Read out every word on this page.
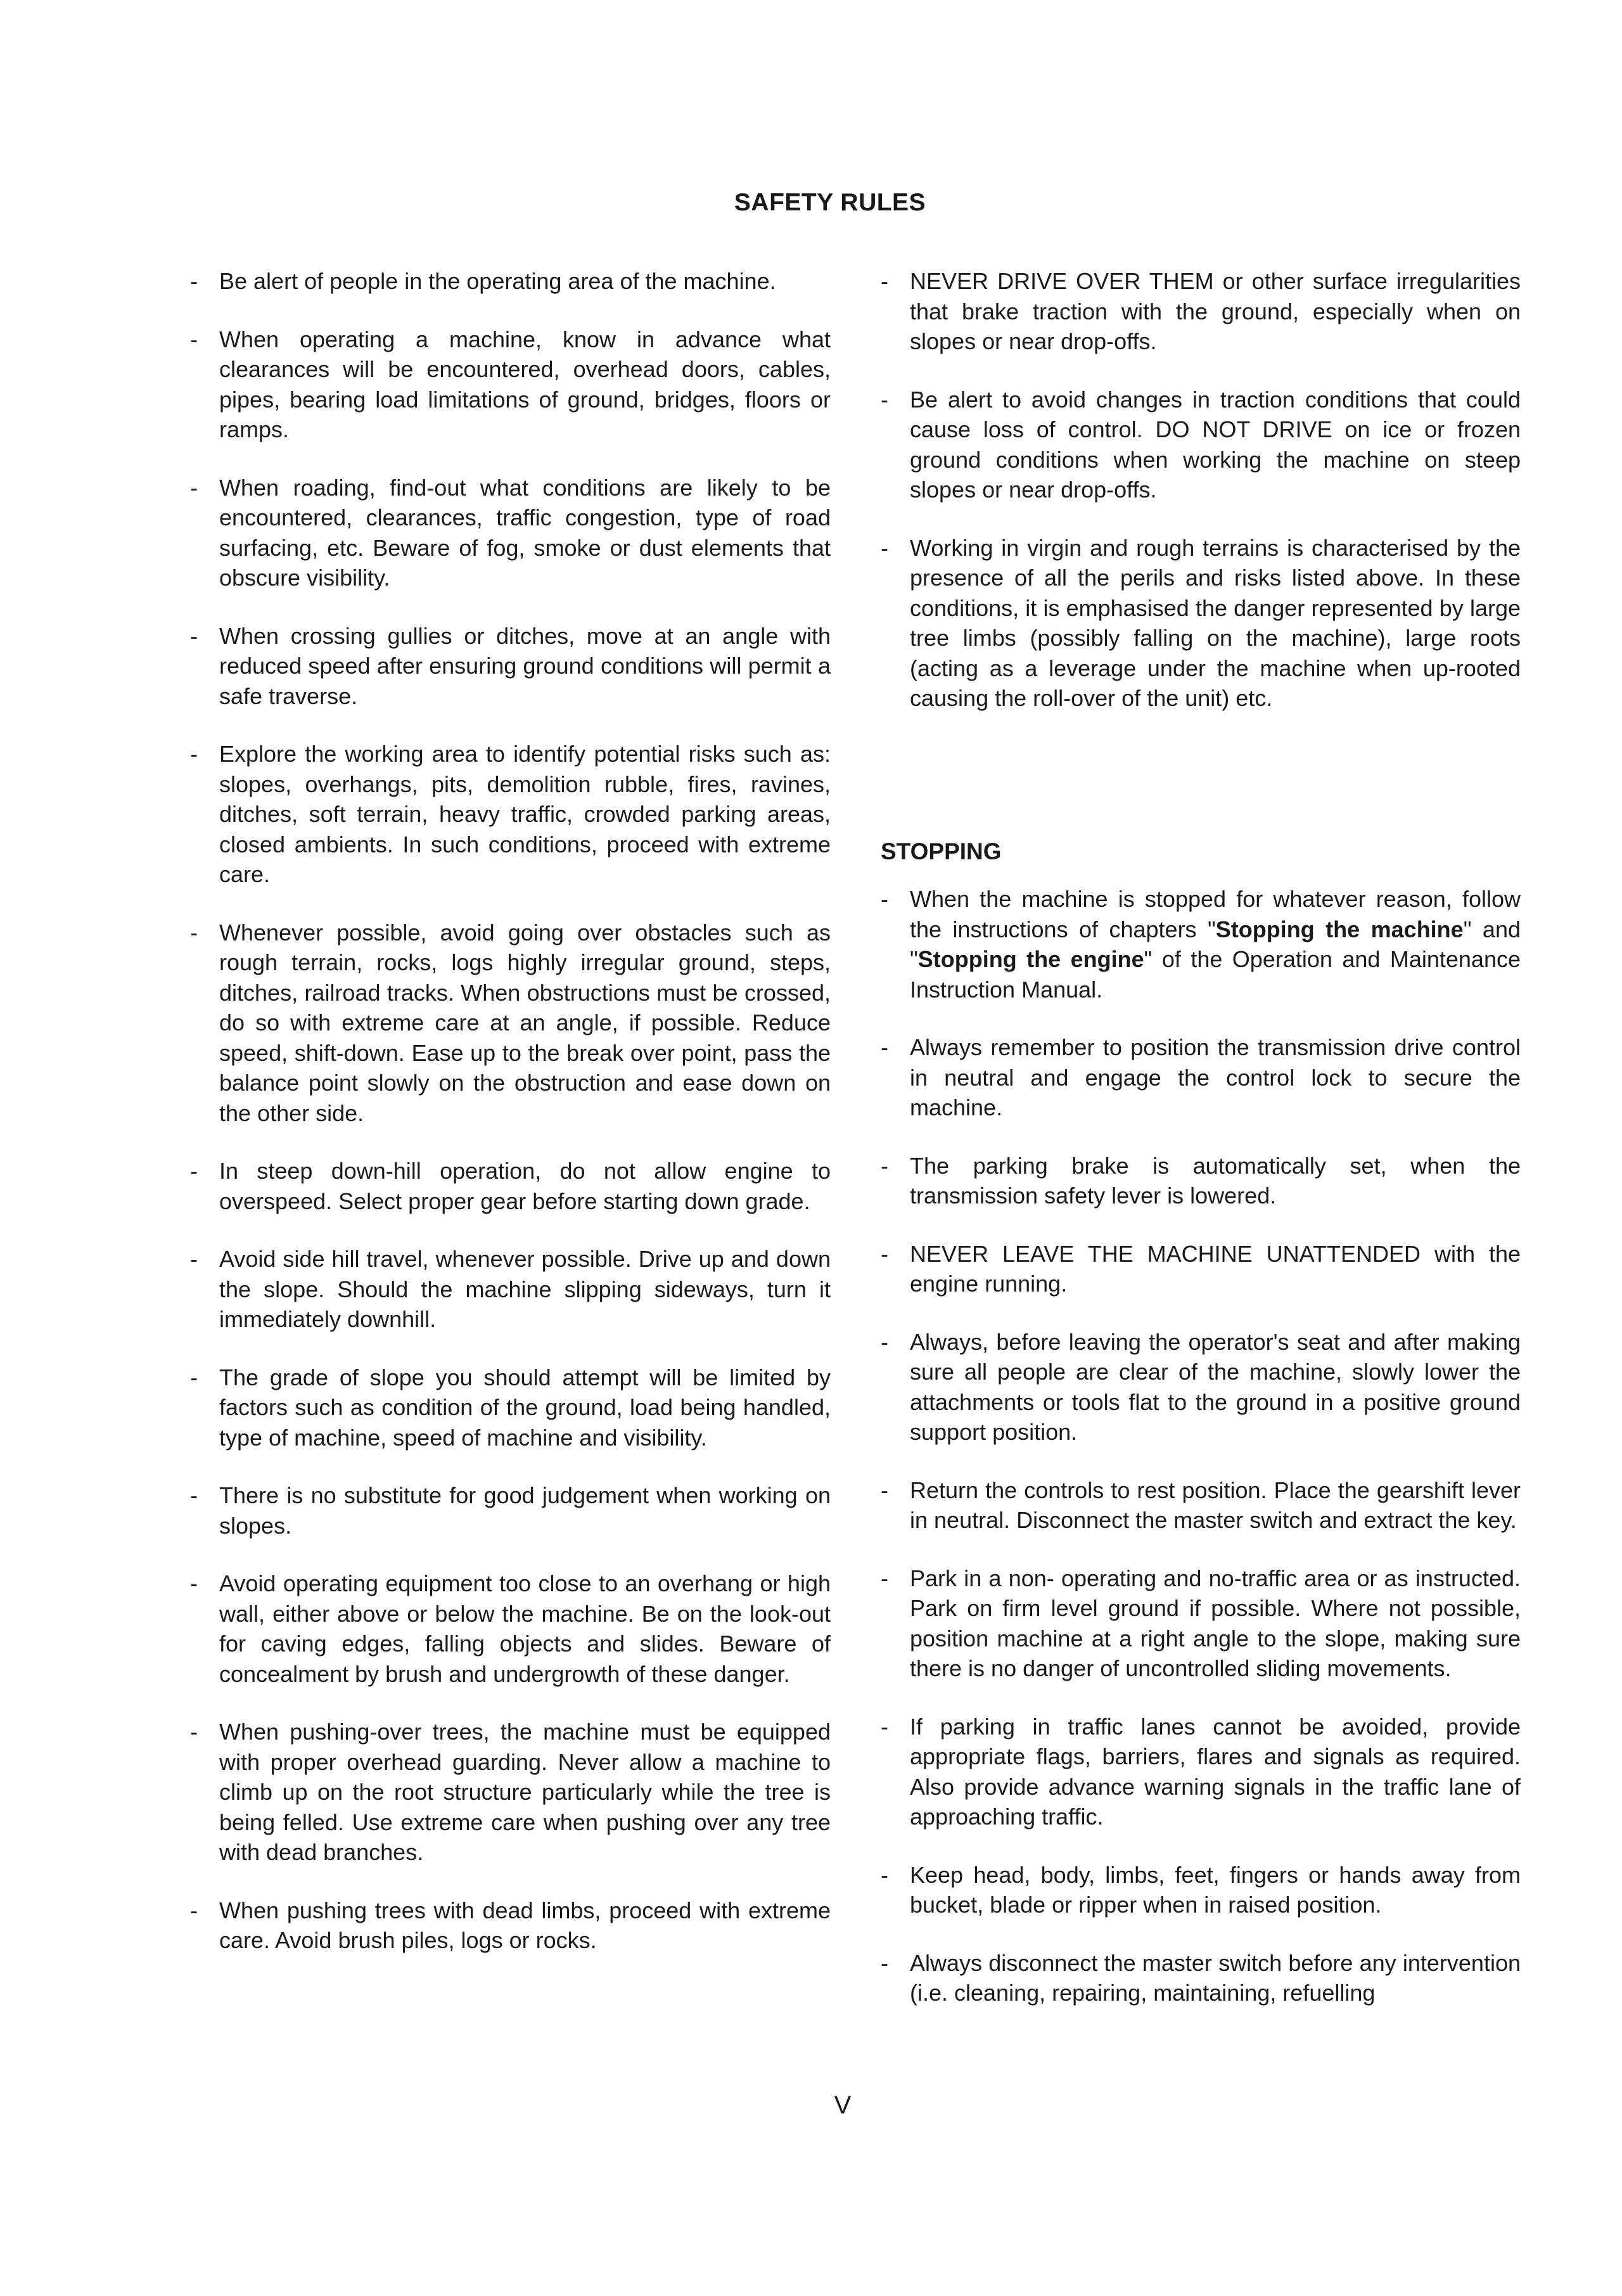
SAFETY RULES
- Be alert of people in the operating area of the machine.
- When operating a machine, know in advance what clearances will be encountered, overhead doors, cables, pipes, bearing load limitations of ground, bridges, floors or ramps.
- When roading, find-out what conditions are likely to be encountered, clearances, traffic congestion, type of road surfacing, etc. Beware of fog, smoke or dust elements that obscure visibility.
- When crossing gullies or ditches, move at an angle with reduced speed after ensuring ground conditions will permit a safe traverse.
- Explore the working area to identify potential risks such as: slopes, overhangs, pits, demolition rubble, fires, ravines, ditches, soft terrain, heavy traffic, crowded parking areas, closed ambients. In such conditions, proceed with extreme care.
- Whenever possible, avoid going over obstacles such as rough terrain, rocks, logs highly irregular ground, steps, ditches, railroad tracks. When obstructions must be crossed, do so with extreme care at an angle, if possible. Reduce speed, shift-down. Ease up to the break over point, pass the balance point slowly on the obstruction and ease down on the other side.
- In steep down-hill operation, do not allow engine to overspeed. Select proper gear before starting down grade.
- Avoid side hill travel, whenever possible. Drive up and down the slope. Should the machine slipping sideways, turn it immediately downhill.
- The grade of slope you should attempt will be limited by factors such as condition of the ground, load being handled, type of machine, speed of machine and visibility.
- There is no substitute for good judgement when working on slopes.
- Avoid operating equipment too close to an overhang or high wall, either above or below the machine. Be on the look-out for caving edges, falling objects and slides. Beware of concealment by brush and undergrowth of these danger.
- When pushing-over trees, the machine must be equipped with proper overhead guarding. Never allow a machine to climb up on the root structure particularly while the tree is being felled. Use extreme care when pushing over any tree with dead branches.
- When pushing trees with dead limbs, proceed with extreme care. Avoid brush piles, logs or rocks.
- NEVER DRIVE OVER THEM or other surface irregularities that brake traction with the ground, especially when on slopes or near drop-offs.
- Be alert to avoid changes in traction conditions that could cause loss of control. DO NOT DRIVE on ice or frozen ground conditions when working the machine on steep slopes or near drop-offs.
- Working in virgin and rough terrains is characterised by the presence of all the perils and risks listed above. In these conditions, it is emphasised the danger represented by large tree limbs (possibly falling on the machine), large roots (acting as a leverage under the machine when up-rooted causing the roll-over of the unit) etc.
STOPPING
- When the machine is stopped for whatever reason, follow the instructions of chapters "Stopping the machine" and "Stopping the engine" of the Operation and Maintenance Instruction Manual.
- Always remember to position the transmission drive control in neutral and engage the control lock to secure the machine.
- The parking brake is automatically set, when the transmission safety lever is lowered.
- NEVER LEAVE THE MACHINE UNATTENDED with the engine running.
- Always, before leaving the operator's seat and after making sure all people are clear of the machine, slowly lower the attachments or tools flat to the ground in a positive ground support position.
- Return the controls to rest position. Place the gearshift lever in neutral. Disconnect the master switch and extract the key.
- Park in a non- operating and no-traffic area or as instructed. Park on firm level ground if possible. Where not possible, position machine at a right angle to the slope, making sure there is no danger of uncontrolled sliding movements.
- If parking in traffic lanes cannot be avoided, provide appropriate flags, barriers, flares and signals as required. Also provide advance warning signals in the traffic lane of approaching traffic.
- Keep head, body, limbs, feet, fingers or hands away from bucket, blade or ripper when in raised position.
- Always disconnect the master switch before any intervention (i.e. cleaning, repairing, maintaining, refuelling
V
